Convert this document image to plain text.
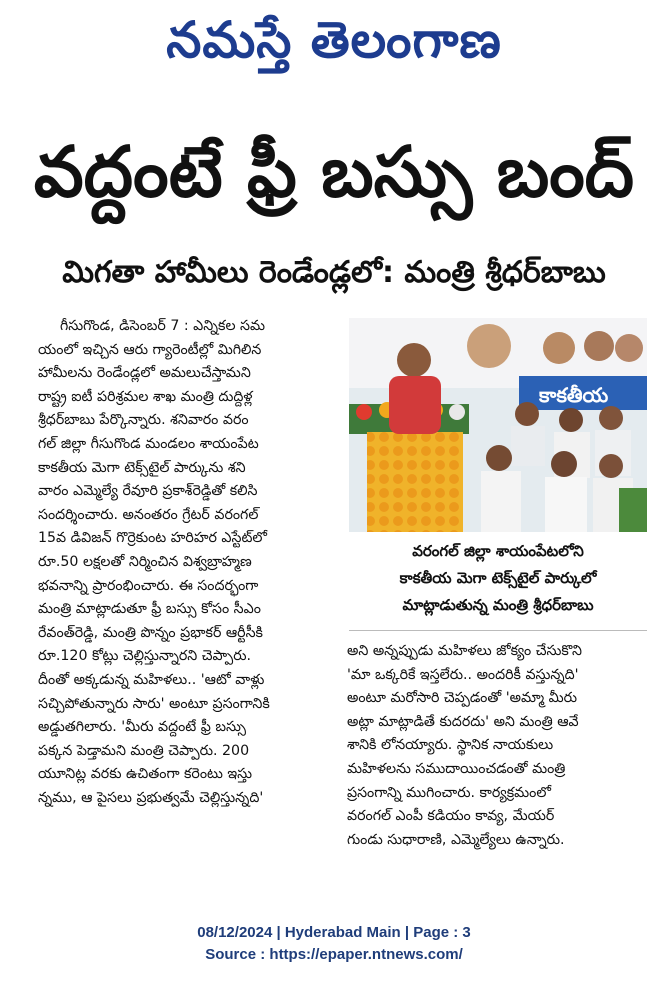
నమస్తే తెలంగాణ
వద్దంటే ఫ్రీ బస్సు బంద్
మిగతా హామీలు రెండేండ్లలో: మంత్రి శ్రీధర్‌బాబు
గీసుగొండ, డిసెంబర్ 7 : ఎన్నికల సమ
యంలో ఇచ్చిన ఆరు గ్యారెంటీల్లో మిగిలిన
హామీలను రెండేండ్లలో అమలుచేస్తామని
రాష్ట్ర ఐటీ పరిశ్రమల శాఖ మంత్రి దుద్దిళ్ల
శ్రీధర్‌బాబు పేర్కొన్నారు. శనివారం వరం
గల్ జిల్లా గీసుగొండ మండలం శాయంపేట
కాకతీయ మెగా టెక్స్‌టైల్ పార్కును శని
వారం ఎమ్మెల్యే రేవూరి ప్రకాశ్‌రెడ్డితో కలిసి
సందర్శించారు. అనంతరం గ్రేటర్ వరంగల్
15వ డివిజన్ గొర్రెకుంట హరిహర ఎస్టేట్‌లో
రూ.50 లక్షలతో నిర్మించిన విశ్వబ్రాహ్మణ
భవనాన్ని ప్రారంభించారు. ఈ సందర్భంగా
మంత్రి మాట్లాడుతూ ఫ్రీ బస్సు కోసం సీఎం
రేవంత్‌రెడ్డి, మంత్రి పొన్నం ప్రభాకర్ ఆర్టీసీకి
రూ.120 కోట్లు చెల్లిస్తున్నారని చెప్పారు.
దీంతో అక్కడున్న మహిళలు.. 'ఆటో వాళ్లు
సచ్చిపోతున్నారు సారు' అంటూ ప్రసంగానికి
అడ్డుతగిలారు. 'మీరు వద్దంటే ఫ్రీ బస్సు
పక్కన పెడ్తామని మంత్రి చెప్పారు. 200
యూనిట్ల వరకు ఉచితంగా కరెంటు ఇస్తు
న్నము, ఆ పైసలు ప్రభుత్వమే చెల్లిస్తున్నది'
కాకతీయ
వరంగల్ జిల్లా శాయంపేటలోని
కాకతీయ మెగా టెక్స్‌టైల్ పార్కులో
మాట్లాడుతున్న మంత్రి శ్రీధర్‌బాబు
అని అన్నప్పుడు మహిళలు జోక్యం చేసుకొని
'మా ఒక్కరికే ఇస్తలేరు.. అందరికీ వస్తున్నది'
అంటూ మరోసారి చెప్పడంతో 'అమ్మా మీరు
అట్లా మాట్లాడితే కుదరదు' అని మంత్రి ఆవే
శానికి లోనయ్యారు. స్థానిక నాయకులు
మహిళలను సముదాయించడంతో మంత్రి
ప్రసంగాన్ని ముగించారు. కార్యక్రమంలో
వరంగల్ ఎంపీ కడియం కావ్య, మేయర్
గుండు సుధారాణి, ఎమ్మెల్యేలు ఉన్నారు.
08/12/2024 | Hyderabad Main | Page : 3
Source : https://epaper.ntnews.com/
